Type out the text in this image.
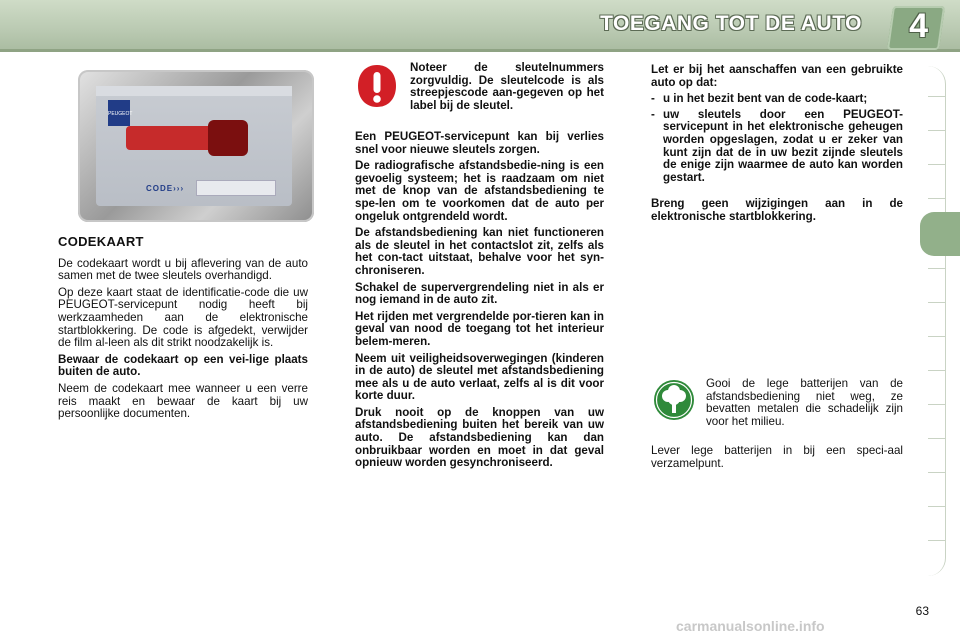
TOEGANG TOT DE AUTO 4
PEUGEOT
CODE›››
CODEKAART

De codekaart wordt u bij aflevering van de auto samen met de twee sleutels overhandigd.

Op deze kaart staat de identificatie-code die uw PEUGEOT-servicepunt nodig heeft bij werkzaamheden aan de elektronische startblokkering. De code is afgedekt, verwijder de film al-leen als dit strikt noodzakelijk is.

Bewaar de codekaart op een vei-lige plaats buiten de auto.

Neem de codekaart mee wanneer u een verre reis maakt en bewaar de kaart bij uw persoonlijke documenten.

Noteer de sleutelnummers zorgvuldig. De sleutelcode is als streepjescode aan-gegeven op het label bij de sleutel.

Een PEUGEOT-servicepunt kan bij verlies snel voor nieuwe sleutels zorgen.

De radiografische afstandsbedie-ning is een gevoelig systeem; het is raadzaam om niet met de knop van de afstandsbediening te spe-len om te voorkomen dat de auto per ongeluk ontgrendeld wordt.

De afstandsbediening kan niet functioneren als de sleutel in het contactslot zit, zelfs als het con-tact uitstaat, behalve voor het syn-chroniseren.

Schakel de supervergrendeling niet in als er nog iemand in de auto zit.

Het rijden met vergrendelde por-tieren kan in geval van nood de toegang tot het interieur belem-meren.

Neem uit veiligheidsoverwegingen (kinderen in de auto) de sleutel met afstandsbediening mee als u de auto verlaat, zelfs al is dit voor korte duur.

Druk nooit op de knoppen van uw afstandsbediening buiten het bereik van uw auto. De afstandsbediening kan dan onbruikbaar worden en moet in dat geval opnieuw worden gesynchroniseerd.

Let er bij het aanschaffen van een gebruikte auto op dat:

- u in het bezit bent van de code-kaart;
- uw sleutels door een PEUGEOT-servicepunt in het elektronische geheugen worden opgeslagen, zodat u er zeker van kunt zijn dat de in uw bezit zijnde sleutels de enige zijn waarmee de auto kan worden gestart.

Breng geen wijzigingen aan in de elektronische startblokkering.

Gooi de lege batterijen van de afstandsbediening niet weg, ze bevatten metalen die schadelijk zijn voor het milieu.

Lever lege batterijen in bij een speci-aal verzamelpunt.

63
carmanualsonline.info
